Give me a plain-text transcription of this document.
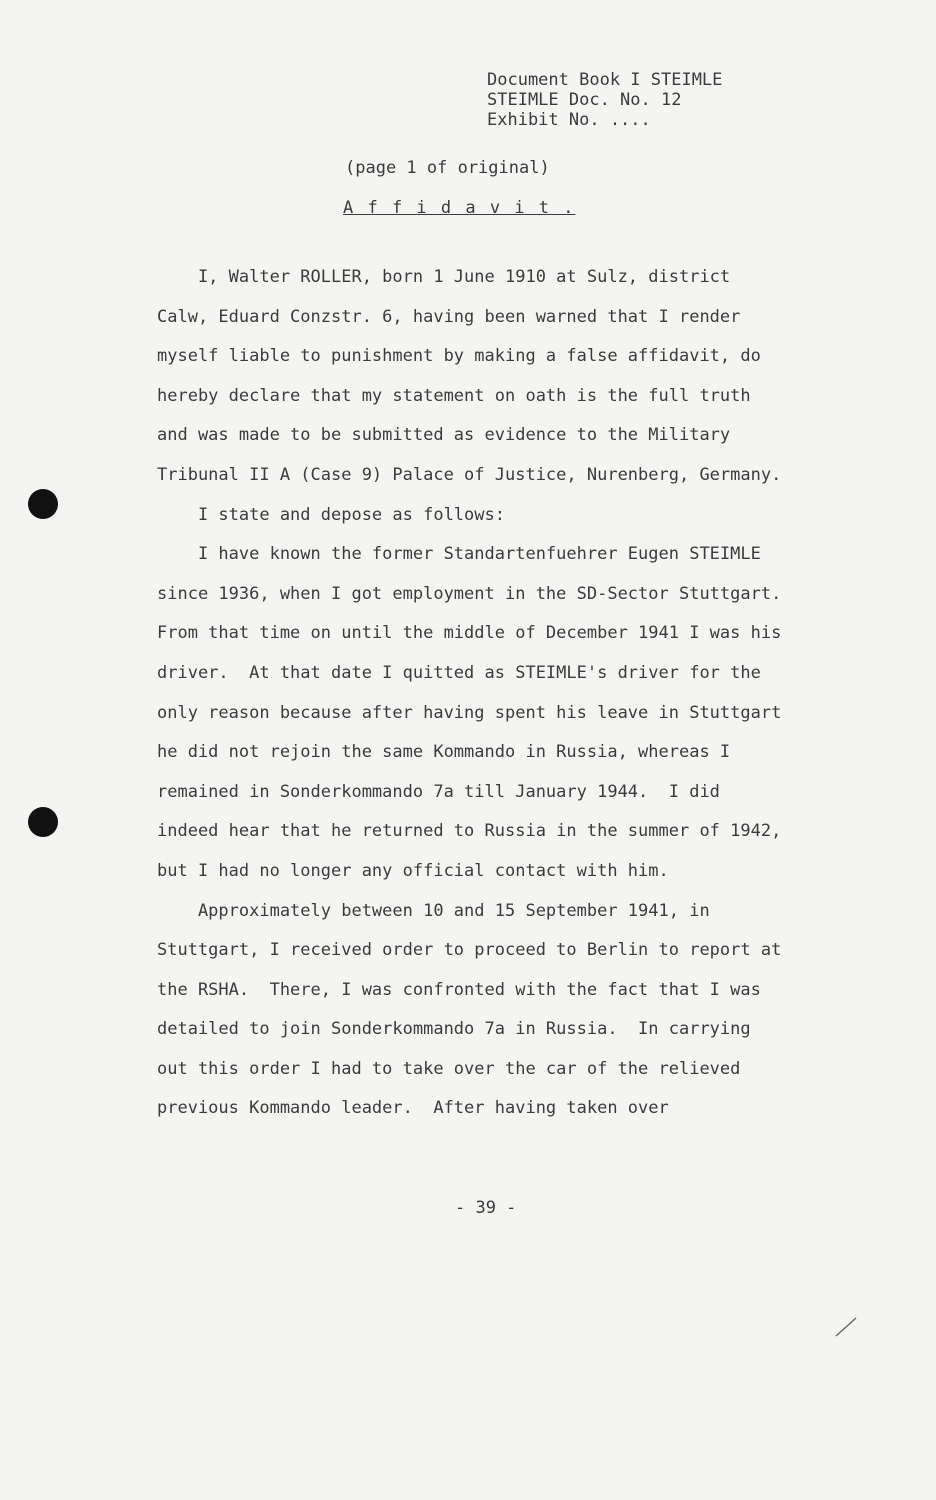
Document Book I STEIMLE
STEIMLE Doc. No. 12
Exhibit No. ....
(page 1 of original)
A f f i d a v i t .
I, Walter ROLLER, born 1 June 1910 at Sulz, district
Calw, Eduard Conzstr. 6, having been warned that I render
myself liable to punishment by making a false affidavit, do
hereby declare that my statement on oath is the full truth
and was made to be submitted as evidence to the Military
Tribunal II A (Case 9) Palace of Justice, Nurenberg, Germany.
I state and depose as follows:
I have known the former Standartenfuehrer Eugen STEIMLE
since 1936, when I got employment in the SD-Sector Stuttgart.
From that time on until the middle of December 1941 I was his
driver.  At that date I quitted as STEIMLE's driver for the
only reason because after having spent his leave in Stuttgart
he did not rejoin the same Kommando in Russia, whereas I
remained in Sonderkommando 7a till January 1944.  I did
indeed hear that he returned to Russia in the summer of 1942,
but I had no longer any official contact with him.
Approximately between 10 and 15 September 1941, in
Stuttgart, I received order to proceed to Berlin to report at
the RSHA.  There, I was confronted with the fact that I was
detailed to join Sonderkommando 7a in Russia.  In carrying
out this order I had to take over the car of the relieved
previous Kommando leader.  After having taken over
- 39 -
